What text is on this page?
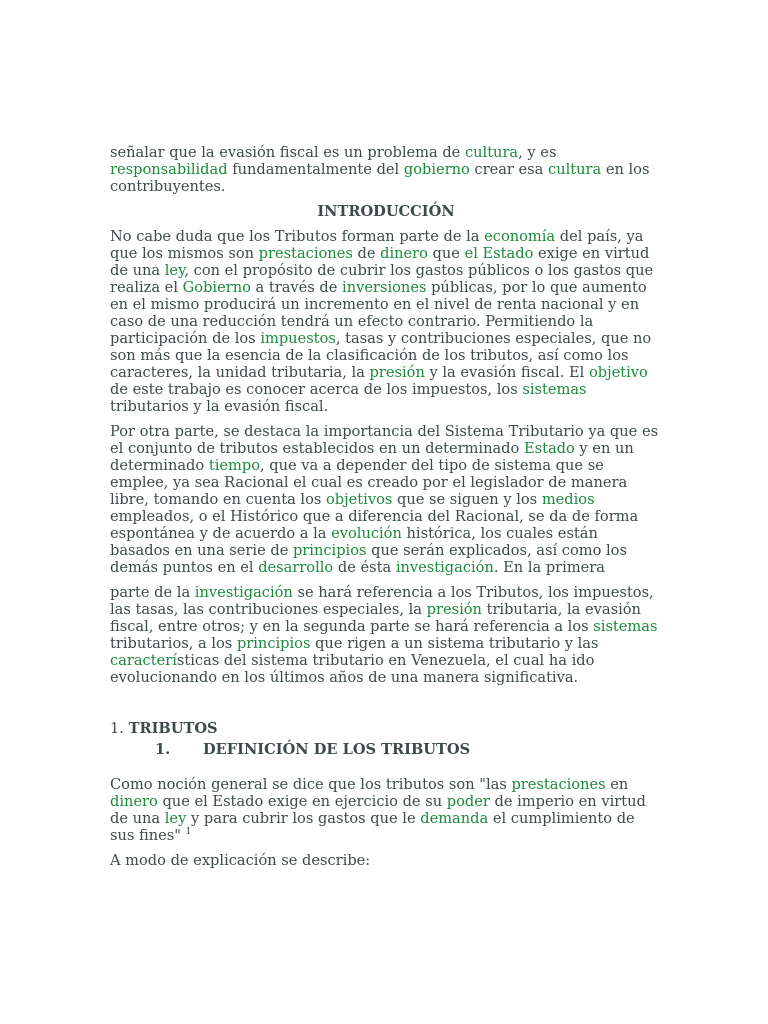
señalar que la evasión fiscal es un problema de cultura, y es responsabilidad fundamentalmente del gobierno crear esa cultura en los contribuyentes.

INTRODUCCIÓN

No cabe duda que los Tributos forman parte de la economía del país, ya que los mismos son prestaciones de dinero que el Estado exige en virtud de una ley, con el propósito de cubrir los gastos públicos o los gastos que realiza el Gobierno a través de inversiones públicas, por lo que aumento en el mismo producirá un incremento en el nivel de renta nacional y en caso de una reducción tendrá un efecto contrario. Permitiendo la participación de los impuestos, tasas y contribuciones especiales, que no son más que la esencia de la clasificación de los tributos, así como los caracteres, la unidad tributaria, la presión y la evasión fiscal. El objetivo de este trabajo es conocer acerca de los impuestos, los sistemas tributarios y la evasión fiscal.

Por otra parte, se destaca la importancia del Sistema Tributario ya que es el conjunto de tributos establecidos en un determinado Estado y en un determinado tiempo, que va a depender del tipo de sistema que se emplee, ya sea Racional el cual es creado por el legislador de manera libre, tomando en cuenta los objetivos que se siguen y los medios empleados, o el Histórico que a diferencia del Racional, se da de forma espontánea y de acuerdo a la evolución histórica, los cuales están basados en una serie de principios que serán explicados, así como los demás puntos en el desarrollo de ésta investigación. En la primera

parte de la investigación se hará referencia a los Tributos, los impuestos, las tasas, las contribuciones especiales, la presión tributaria, la evasión fiscal, entre otros; y en la segunda parte se hará referencia a los sistemas tributarios, a los principios que rigen a un sistema tributario y las características del sistema tributario en Venezuela, el cual ha ido evolucionando en los últimos años de una manera significativa.

1. TRIBUTOS
1. DEFINICIÓN DE LOS TRIBUTOS

Como noción general se dice que los tributos son "las prestaciones en dinero que el Estado exige en ejercicio de su poder de imperio en virtud de una ley y para cubrir los gastos que le demanda el cumplimiento de sus fines" $^1$

A modo de explicación se describe:
